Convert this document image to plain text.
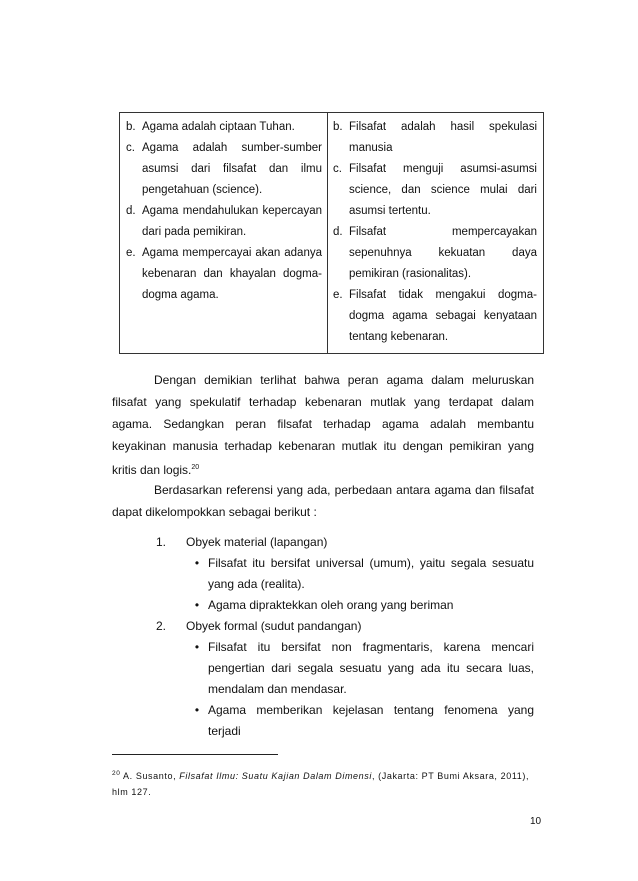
b. Agama adalah ciptaan Tuhan.
c. Agama adalah sumber-sumber asumsi dari filsafat dan ilmu pengetahuan (science).
d. Agama mendahulukan kepercayan dari pada pemikiran.
e. Agama mempercayai akan adanya kebenaran dan khayalan dogma-dogma agama.
b. Filsafat adalah hasil spekulasi manusia
c. Filsafat menguji asumsi-asumsi science, dan science mulai dari asumsi tertentu.
d. Filsafat mempercayakan sepenuhnya kekuatan daya pemikiran (rasionalitas).
e. Filsafat tidak mengakui dogma-dogma agama sebagai kenyataan tentang kebenaran.

Dengan demikian terlihat bahwa peran agama dalam meluruskan filsafat yang spekulatif terhadap kebenaran mutlak yang terdapat dalam agama. Sedangkan peran filsafat terhadap agama adalah membantu keyakinan manusia terhadap kebenaran mutlak itu dengan pemikiran yang kritis dan logis.$^{20}$

Berdasarkan referensi yang ada, perbedaan antara agama dan filsafat dapat dikelompokkan sebagai berikut :

1.	Obyek material (lapangan)
• Filsafat itu bersifat universal (umum), yaitu segala sesuatu yang ada (realita).
• Agama dipraktekkan oleh orang yang beriman
2.	Obyek formal (sudut pandangan)
• Filsafat itu bersifat non fragmentaris, karena mencari pengertian dari segala sesuatu yang ada itu secara luas, mendalam dan mendasar.
• Agama memberikan kejelasan tentang fenomena yang terjadi
$^{20}$ A. Susanto, Filsafat Ilmu: Suatu Kajian Dalam Dimensi, (Jakarta: PT Bumi Aksara, 2011), hlm 127.
10
